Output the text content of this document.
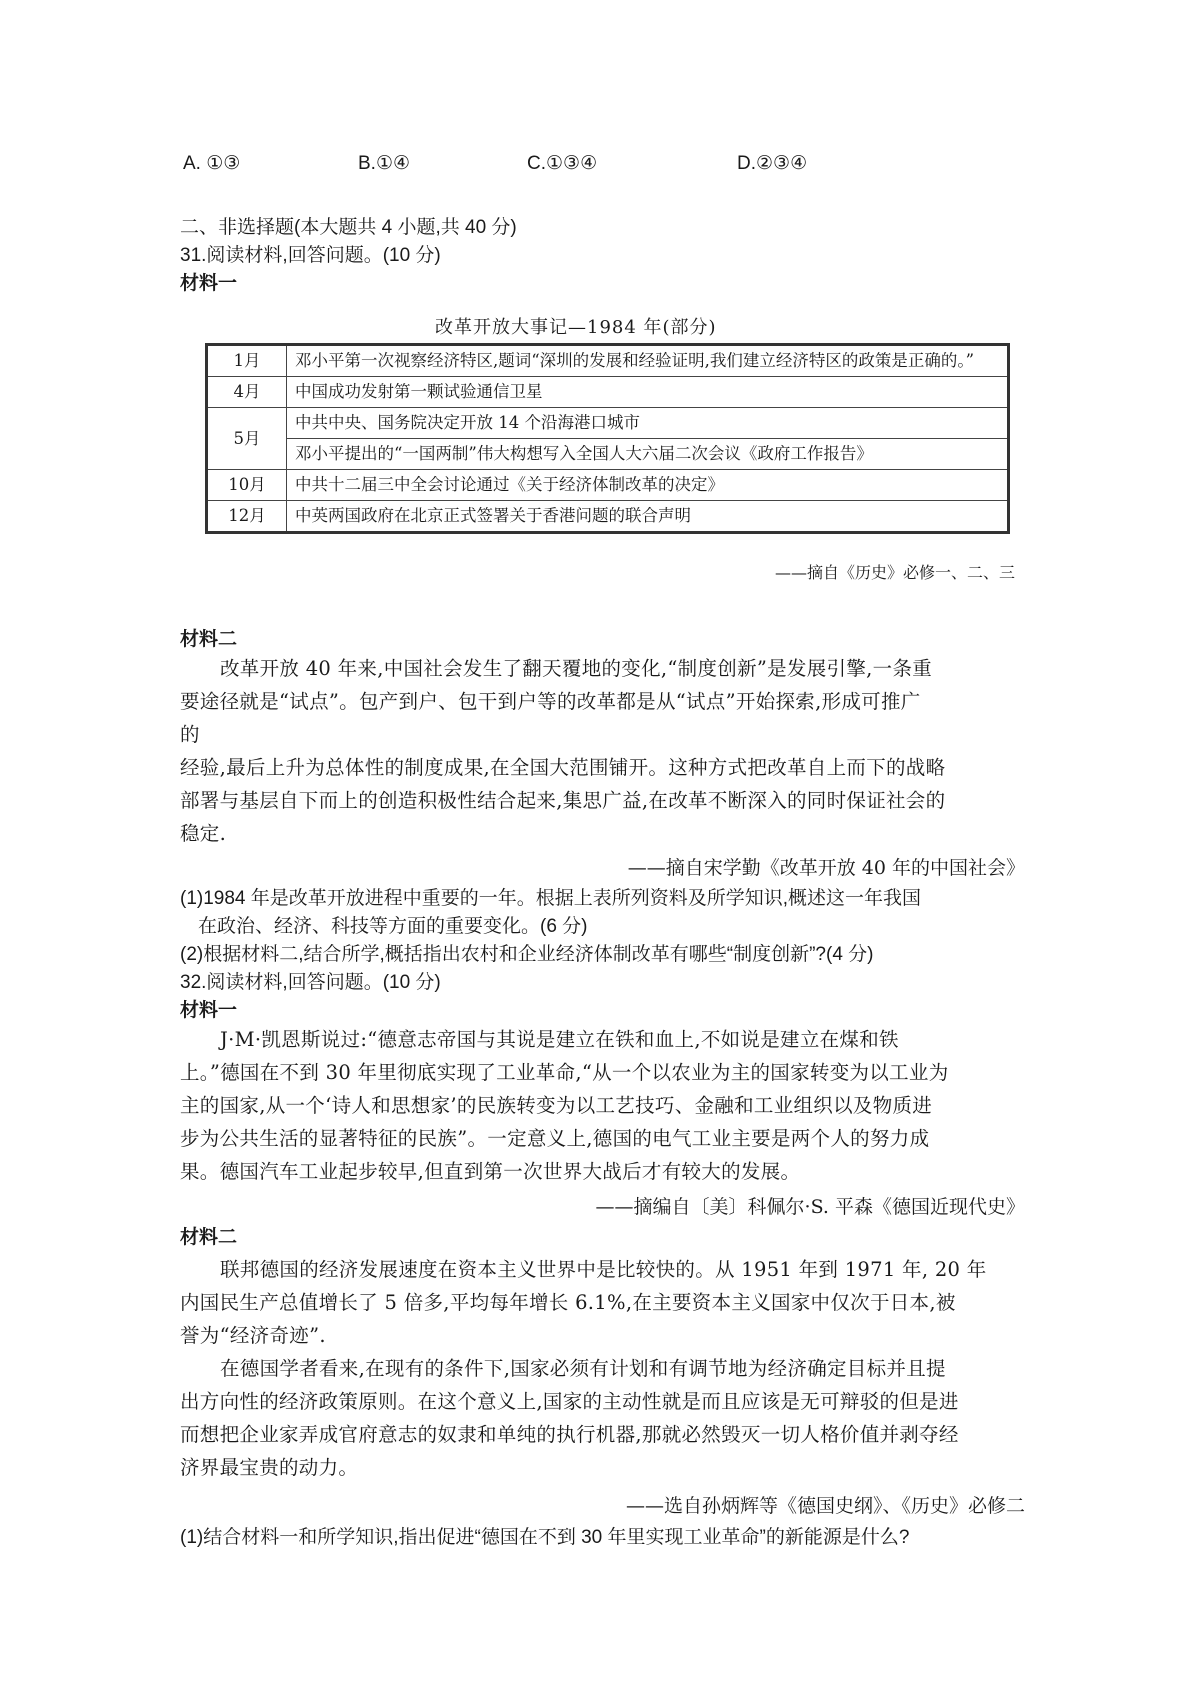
A. ①③	B.①④	C.①③④	D.②③④
二、非选择题(本大题共 4 小题,共 40 分)
31.阅读材料,回答问题。(10 分)
材料一
改革开放大事记—1984 年(部分)
1月	邓小平第一次视察经济特区,题词“深圳的发展和经验证明,我们建立经济特区的政策是正确的。”
4月	中国成功发射第一颗试验通信卫星
5月	中共中央、国务院决定开放 14 个沿海港口城市
	邓小平提出的“一国两制”伟大构想写入全国人大六届二次会议《政府工作报告》
10月	中共十二届三中全会讨论通过《关于经济体制改革的决定》
12月	中英两国政府在北京正式签署关于香港问题的联合声明
——摘自《历史》必修一、二、三
材料二
改革开放 40 年来,中国社会发生了翻天覆地的变化,“制度创新”是发展引擎,一条重
要途径就是“试点”。包产到户、包干到户等的改革都是从“试点”开始探索,形成可推广
的
经验,最后上升为总体性的制度成果,在全国大范围铺开。这种方式把改革自上而下的战略
部署与基层自下而上的创造积极性结合起来,集思广益,在改革不断深入的同时保证社会的
稳定.
——摘自宋学勤《改革开放 40 年的中国社会》
(1)1984 年是改革开放进程中重要的一年。根据上表所列资料及所学知识,概述这一年我国
在政治、经济、科技等方面的重要变化。(6 分)
(2)根据材料二,结合所学,概括指出农村和企业经济体制改革有哪些“制度创新”?(4 分)
32.阅读材料,回答问题。(10 分)
材料一
J·M·凯恩斯说过:“德意志帝国与其说是建立在铁和血上,不如说是建立在煤和铁
上。”德国在不到 30 年里彻底实现了工业革命,“从一个以农业为主的国家转变为以工业为
主的国家,从一个‘诗人和思想家’的民族转变为以工艺技巧、金融和工业组织以及物质进
步为公共生活的显著特征的民族”。一定意义上,德国的电气工业主要是两个人的努力成
果。德国汽车工业起步较早,但直到第一次世界大战后才有较大的发展。
——摘编自〔美〕科佩尔·S. 平森《德国近现代史》
材料二
联邦德国的经济发展速度在资本主义世界中是比较快的。从 1951 年到 1971 年, 20 年
内国民生产总值增长了 5 倍多,平均每年增长 6.1%,在主要资本主义国家中仅次于日本,被
誉为“经济奇迹”.
在德国学者看来,在现有的条件下,国家必须有计划和有调节地为经济确定目标并且提
出方向性的经济政策原则。在这个意义上,国家的主动性就是而且应该是无可辩驳的但是进
而想把企业家弄成官府意志的奴隶和单纯的执行机器,那就必然毁灭一切人格价值并剥夺经
济界最宝贵的动力。
——选自孙炳辉等《德国史纲》、《历史》必修二
(1)结合材料一和所学知识,指出促进“德国在不到 30 年里实现工业革命”的新能源是什么?
